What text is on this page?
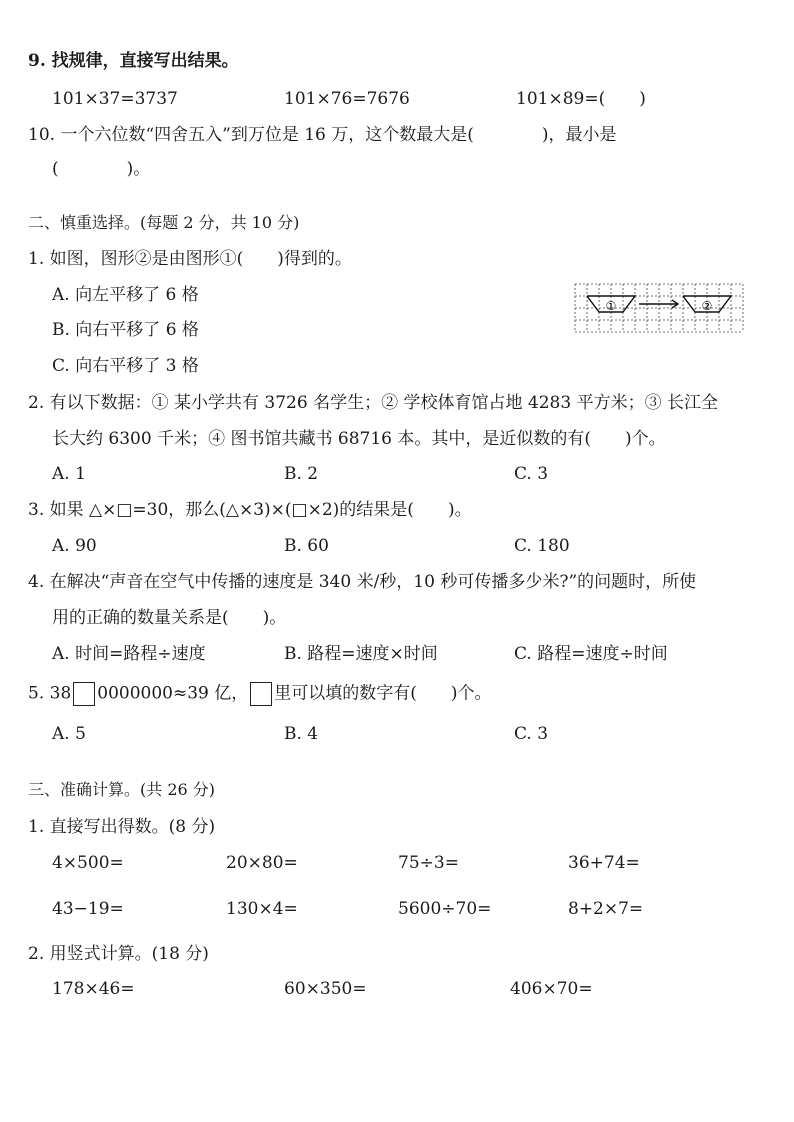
9. 找规律，直接写出结果。
101×37=3737	101×76=7676	101×89=(　　)
10. 一个六位数“四舍五入”到万位是 16 万，这个数最大是(　　　　)，最小是
(　　　　)。
二、慎重选择。(每题 2 分，共 10 分)
1. 如图，图形②是由图形①(　　)得到的。
A. 向左平移了 6 格
B. 向右平移了 6 格
C. 向右平移了 3 格
①	②
2. 有以下数据：① 某小学共有 3726 名学生；② 学校体育馆占地 4283 平方米；③ 长江全
长大约 6300 千米；④ 图书馆共藏书 68716 本。其中，是近似数的有(　　)个。
A. 1	B. 2	C. 3
3. 如果 △×□=30，那么(△×3)×(□×2)的结果是(　　)。
A. 90	B. 60	C. 180
4. 在解决“声音在空气中传播的速度是 340 米/秒，10 秒可传播多少米?”的问题时，所使
用的正确的数量关系是(　　)。
A. 时间=路程÷速度	B. 路程=速度×时间	C. 路程=速度÷时间
5. 38 0000000≈39 亿， 里可以填的数字有(　　)个。
A. 5	B. 4	C. 3
三、准确计算。(共 26 分)
1. 直接写出得数。(8 分)
4×500=	20×80=	75÷3=	36+74=
43−19=	130×4=	5600÷70=	8+2×7=
2. 用竖式计算。(18 分)
178×46=	60×350=	406×70=
